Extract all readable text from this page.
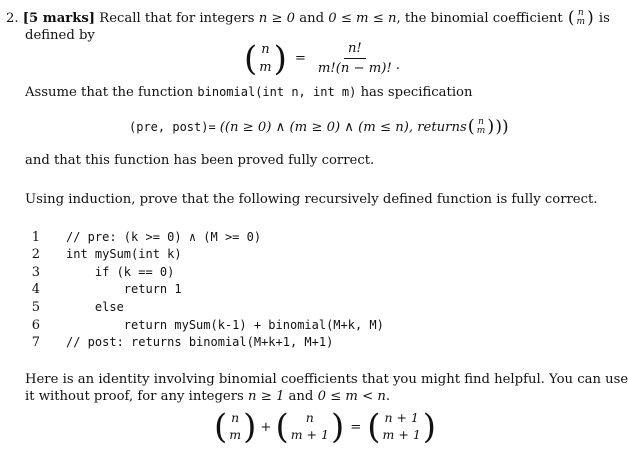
2. [5 marks] Recall that for integers n ≥ 0 and 0 ≤ m ≤ n, the binomial coefficient ( n
m ) is
defined by
( n
m ) = $\frac{n!}{m!(n - m)!}$ .
Assume that the function binomial(int n, int m) has specification
(pre, post)= ((n ≥ 0) ∧ (m ≥ 0) ∧ (m ≤ n), returns ( n
m ) ))
and that this function has been proved fully correct.
Using induction, prove that the following recursively defined function is fully correct.
1 // pre: (k >= 0) ∧ (M >= 0)
2 int mySum(int k)
3 if (k == 0)
4 return 1
5 else
6 return mySum(k-1) + binomial(M+k, M)
7 // post: returns binomial(M+k+1, M+1)
Here is an identity involving binomial coefficients that you might find helpful. You can use
it without proof, for any integers n ≥ 1 and 0 ≤ m < n.
( n
m ) + ( n
m + 1 ) = ( n + 1
m + 1 )
